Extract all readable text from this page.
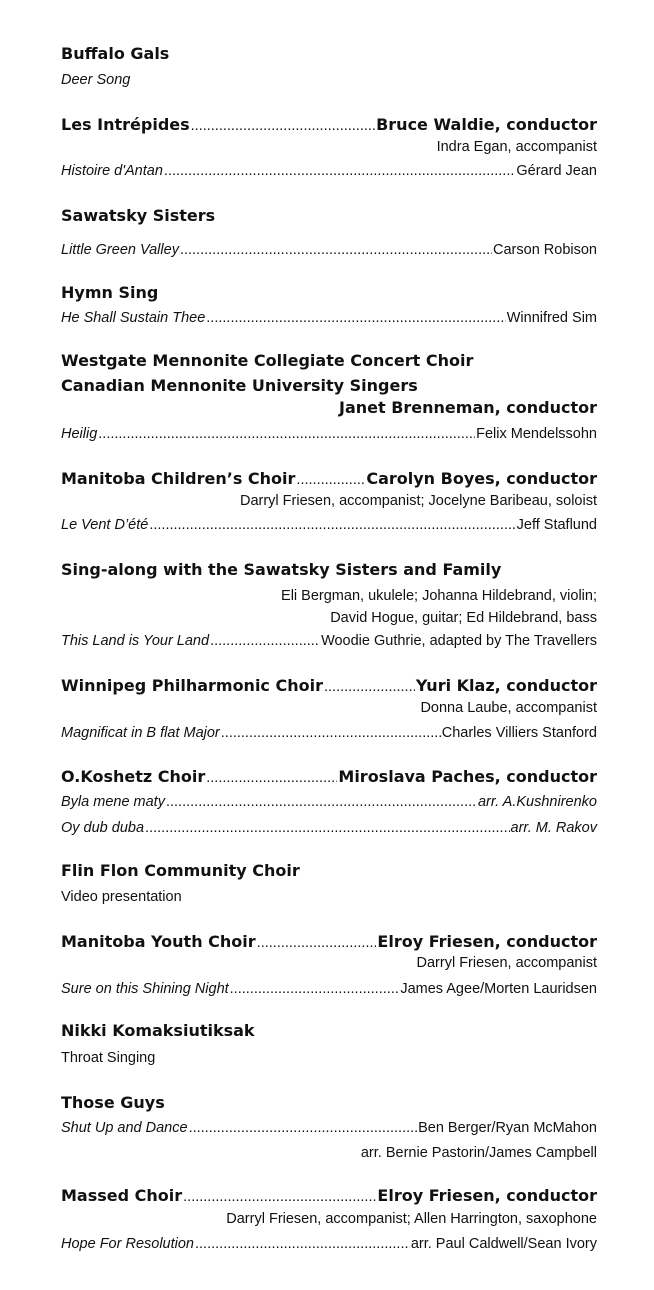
Buffalo Gals
Deer Song
Les Intrépides .....	Bruce Waldie, conductor
Indra Egan, accompanist
Histoire d'Antan .....	Gérard Jean
Sawatsky Sisters
Little Green Valley .....	Carson Robison
Hymn Sing
He Shall Sustain Thee .....	Winnifred Sim
Westgate Mennonite Collegiate Concert Choir
Canadian Mennonite University Singers
Janet Brenneman, conductor
Heilig .....	Felix Mendelssohn
Manitoba Children’s Choir .....	Carolyn Boyes, conductor
Darryl Friesen, accompanist; Jocelyne Baribeau, soloist
Le Vent D’été .....	Jeff Staflund
Sing-along with the Sawatsky Sisters and Family
Eli Bergman, ukulele; Johanna Hildebrand, violin;
David Hogue, guitar; Ed Hildebrand, bass
This Land is Your Land .....	Woodie Guthrie, adapted by The Travellers
Winnipeg Philharmonic Choir .....	Yuri Klaz, conductor
Donna Laube, accompanist
Magnificat in B flat Major .....	Charles Villiers Stanford
O.Koshetz Choir .....	Miroslava Paches, conductor
Byla mene maty .....	arr. A.Kushnirenko
Oy dub duba .....	arr. M. Rakov
Flin Flon Community Choir
Video presentation
Manitoba Youth Choir .....	Elroy Friesen, conductor
Darryl Friesen, accompanist
Sure on this Shining Night .....	James Agee/Morten Lauridsen
Nikki Komaksiutiksak
Throat Singing
Those Guys
Shut Up and Dance .....	Ben Berger/Ryan McMahon
arr. Bernie Pastorin/James Campbell
Massed Choir .....	Elroy Friesen, conductor
Darryl Friesen, accompanist; Allen Harrington, saxophone
Hope For Resolution .....	arr. Paul Caldwell/Sean Ivory
